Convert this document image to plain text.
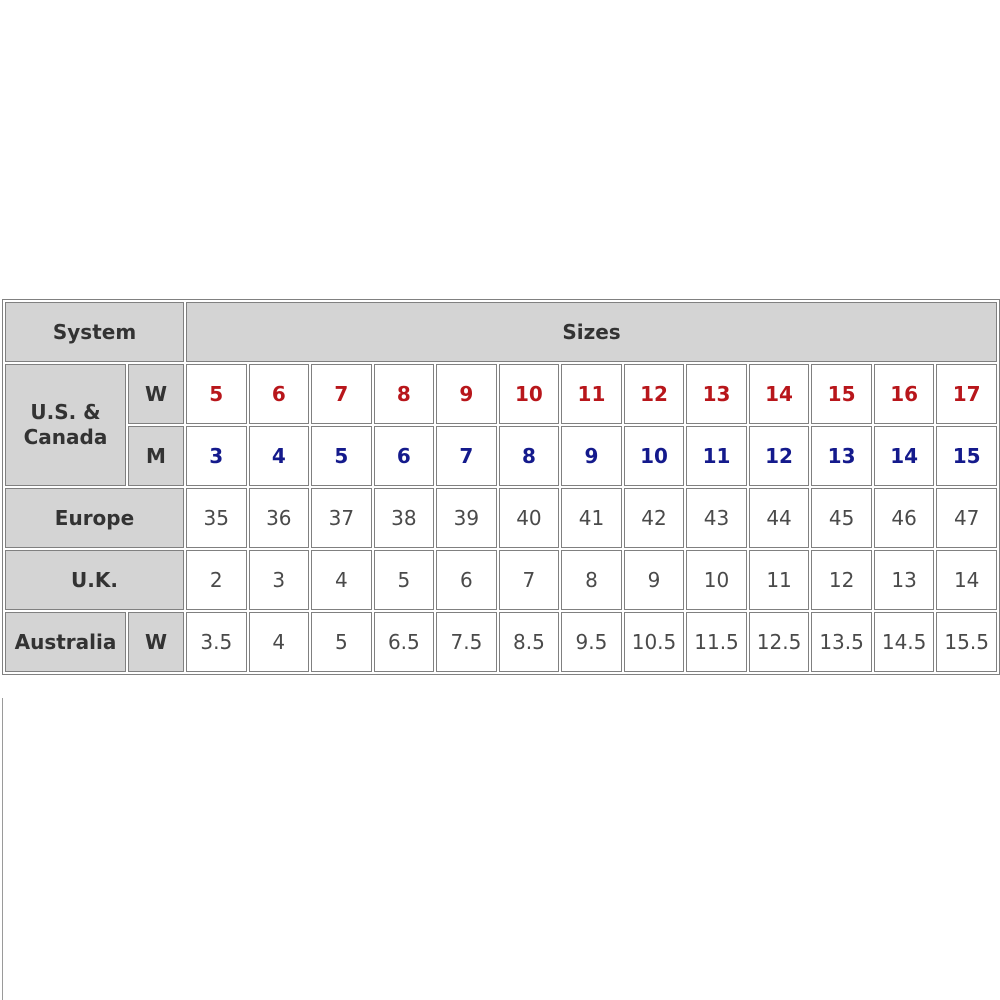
System		Sizes												
U.S. &
Canada	W	5	6	7	8	9	10	11	12	13	14	15	16	17
	M	3	4	5	6	7	8	9	10	11	12	13	14	15
Europe		35	36	37	38	39	40	41	42	43	44	45	46	47
U.K.		2	3	4	5	6	7	8	9	10	11	12	13	14
Australia	W	3.5	4	5	6.5	7.5	8.5	9.5	10.5	11.5	12.5	13.5	14.5	15.5
